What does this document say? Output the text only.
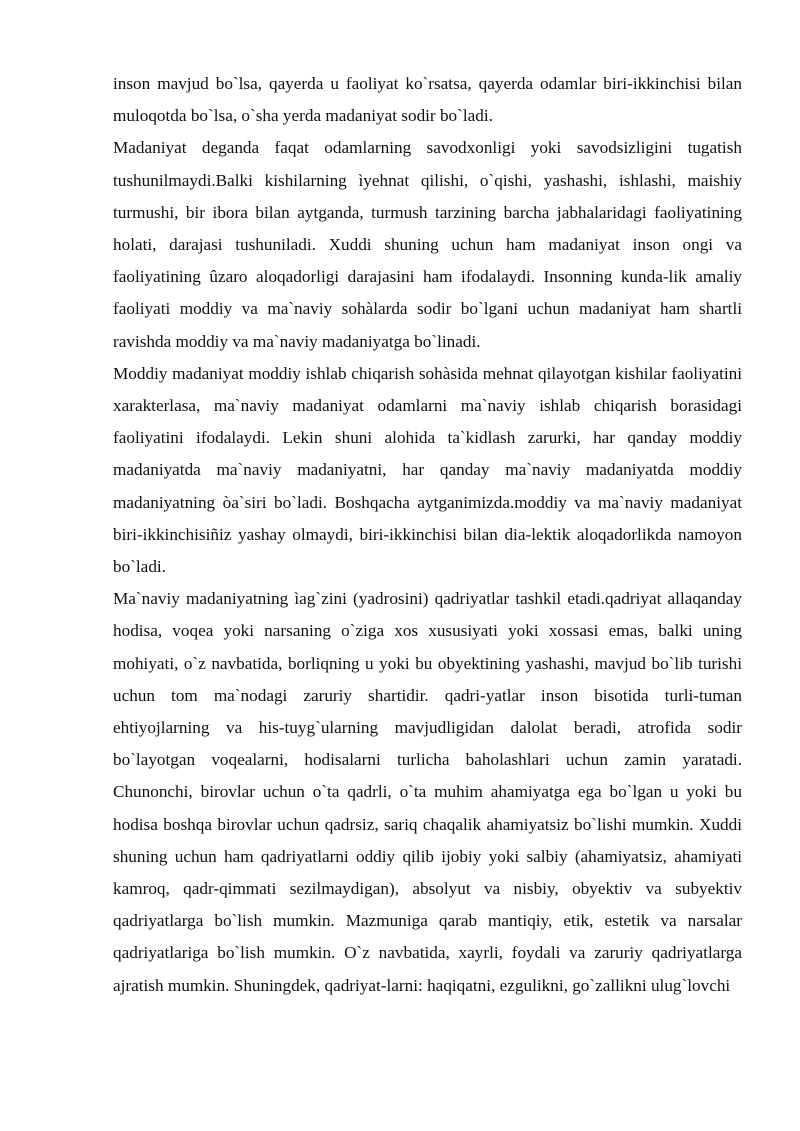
inson mavjud bo`lsa, qayerda u faoliyat ko`rsatsa, qayerda odamlar biri-ikkinchisi bilan muloqotda bo`lsa, o`sha yerda madaniyat sodir bo`ladi.

Madaniyat deganda faqat odamlarning savodxonligi yoki savodsizligini tugatish tushunilmaydi.Balki kishilarning ìyehnat qilishi, o`qishi, yashashi, ishlashi, maishiy turmushi, bir ibora bilan aytganda, turmush tarzining barcha jabhalaridagi faoliyatining holati, darajasi tushuniladi. Xuddi shuning uchun ham madaniyat inson ongi va faoliyatining ûzaro aloqadorligi darajasini ham ifodalaydi. Insonning kunda-lik amaliy faoliyati moddiy va ma`naviy sohàlarda sodir bo`lgani uchun madaniyat ham shartli ravishda moddiy va ma`naviy madaniyatga bo`linadi.

Moddiy madaniyat moddiy ishlab chiqarish sohàsida mehnat qilayotgan kishilar faoliyatini xarakterlasa, ma`naviy madaniyat odamlarni ma`naviy ishlab chiqarish borasidagi faoliyatini ifodalaydi. Lekin shuni alohida ta`kidlash zarurki, har qanday moddiy madaniyatda ma`naviy madaniyatni, har qanday ma`naviy madaniyatda moddiy madaniyatning òa`siri bo`ladi. Boshqacha aytganimizda.moddiy va ma`naviy madaniyat biri-ikkinchisiñiz yashay olmaydi, biri-ikkinchisi bilan dia-lektik aloqadorlikda namoyon bo`ladi.

Ma`naviy madaniyatning ìag`zini (yadrosini) qadriyatlar tashkil etadi.qadriyat allaqanday hodisa, voqea yoki narsaning o`ziga xos xususiyati yoki xossasi emas, balki uning mohiyati, o`z navbatida, borliqning u yoki bu obyektining yashashi, mavjud bo`lib turishi uchun tom ma`nodagi zaruriy shartidir. qadri-yatlar inson bisotida turli-tuman ehtiyojlarning va his-tuyg`ularning mavjudligidan dalolat beradi, atrofida sodir bo`layotgan voqealarni, hodisalarni turlicha baholashlari uchun zamin yaratadi. Chunonchi, birovlar uchun o`ta qadrli, o`ta muhim ahamiyatga ega bo`lgan u yoki bu hodisa boshqa birovlar uchun qadrsiz, sariq chaqalik ahamiyatsiz bo`lishi mumkin. Xuddi shuning uchun ham qadriyatlarni oddiy qilib ijobiy yoki salbiy (ahamiyatsiz, ahamiyati kamroq, qadr-qimmati sezilmaydigan), absolyut va nisbiy, obyektiv va subyektiv qadriyatlarga bo`lish mumkin. Mazmuniga qarab mantiqiy, etik, estetik va narsalar qadriyatlariga bo`lish mumkin. O`z navbatida, xayrli, foydali va zaruriy qadriyatlarga ajratish mumkin. Shuningdek, qadriyat-larni: haqiqatni, ezgulikni, go`zallikni ulug`lovchi
